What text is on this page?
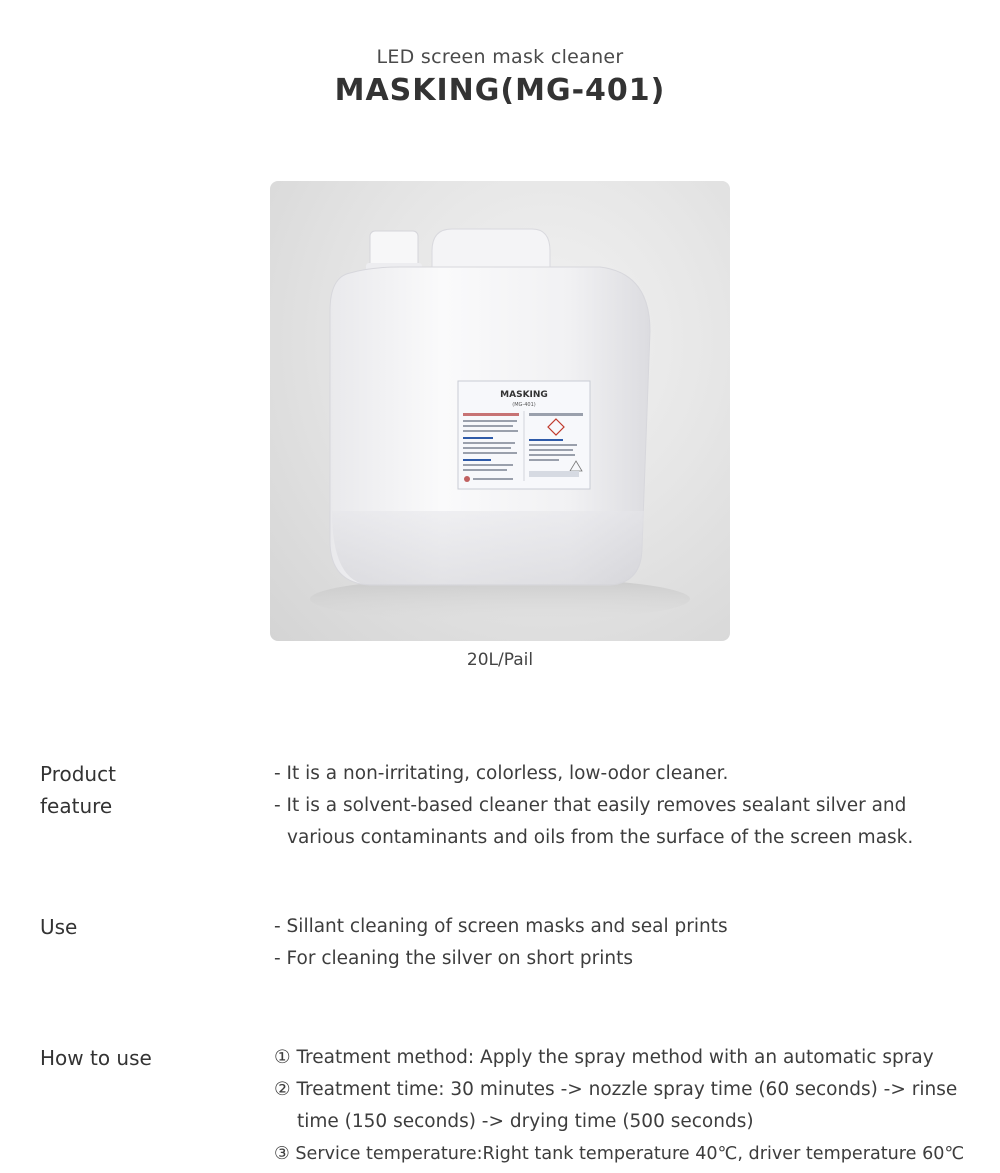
LED screen mask cleaner
MASKING(MG-401)
MASKING
(MG-401)
20L/Pail
Product
feature

- It is a non-irritating, colorless, low-odor cleaner.

- It is a solvent-based cleaner that easily removes sealant silver and various contaminants and oils from the surface of the screen mask.

Use	- Sillant cleaning of screen masks and seal prints

- For cleaning the silver on short prints

How to use	① Treatment method: Apply the spray method with an automatic spray

② Treatment time: 30 minutes -> nozzle spray time (60 seconds) -> rinse time (150 seconds) -> drying time (500 seconds)

③ Service temperature:Right tank temperature 40℃, driver temperature 60℃
